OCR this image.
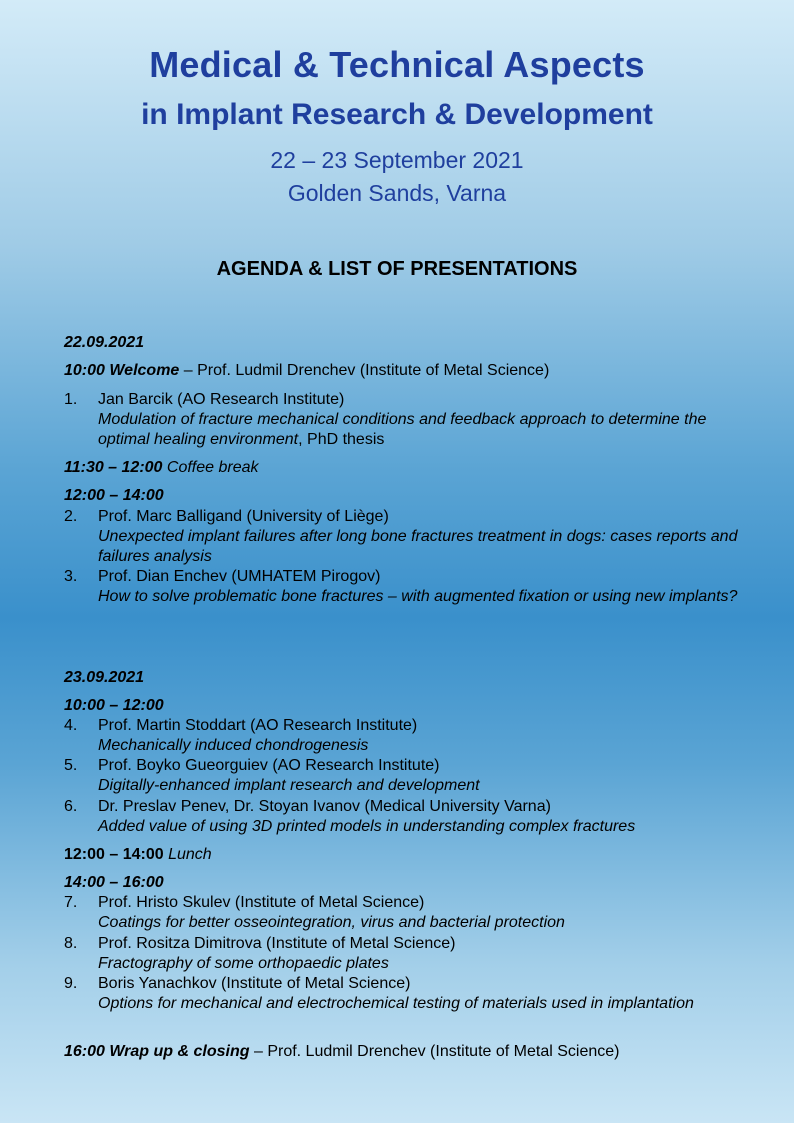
Medical & Technical Aspects
in Implant Research & Development
22 – 23 September 2021
Golden Sands, Varna
AGENDA & LIST OF PRESENTATIONS
22.09.2021
10:00 Welcome – Prof. Ludmil Drenchev (Institute of Metal Science)
1. Jan Barcik (AO Research Institute)
Modulation of fracture mechanical conditions and feedback approach to determine the optimal healing environment, PhD thesis
11:30 – 12:00 Coffee break
12:00 – 14:00
2. Prof. Marc Balligand (University of Liège)
Unexpected implant failures after long bone fractures treatment in dogs: cases reports and failures analysis
3. Prof. Dian Enchev (UMHATEM Pirogov)
How to solve problematic bone fractures – with augmented fixation or using new implants?
23.09.2021
10:00 – 12:00
4. Prof. Martin Stoddart (AO Research Institute)
Mechanically induced chondrogenesis
5. Prof. Boyko Gueorguiev (AO Research Institute)
Digitally-enhanced implant research and development
6. Dr. Preslav Penev, Dr. Stoyan Ivanov (Medical University Varna)
Added value of using 3D printed models in understanding complex fractures
12:00 – 14:00 Lunch
14:00 – 16:00
7. Prof. Hristo Skulev (Institute of Metal Science)
Coatings for better osseointegration, virus and bacterial protection
8. Prof. Rositza Dimitrova (Institute of Metal Science)
Fractography of some orthopaedic plates
9. Boris Yanachkov (Institute of Metal Science)
Options for mechanical and electrochemical testing of materials used in implantation
16:00 Wrap up & closing – Prof. Ludmil Drenchev (Institute of Metal Science)
